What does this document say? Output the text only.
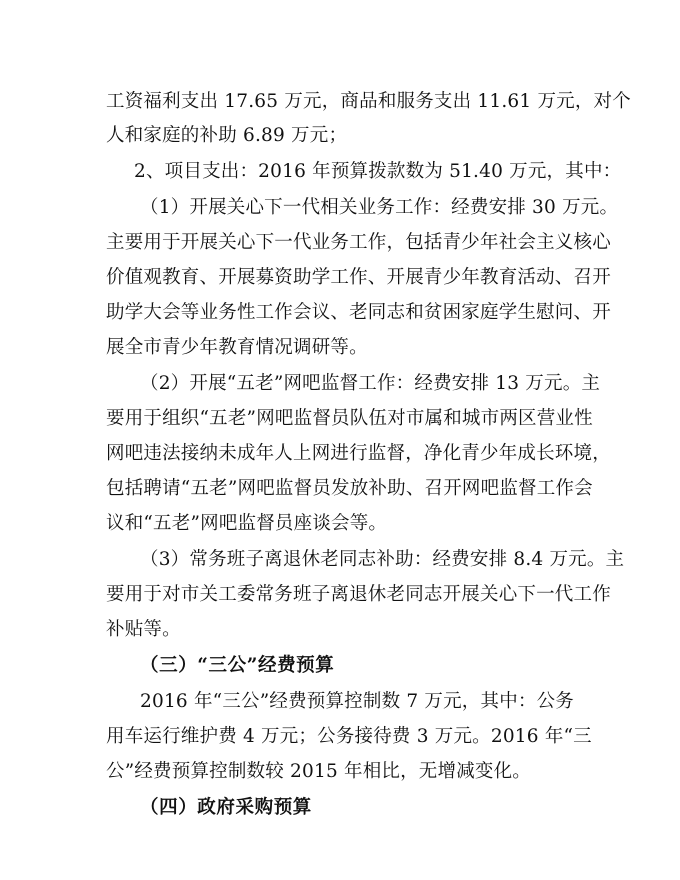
工资福利支出 17.65 万元，商品和服务支出 11.61 万元，对个
人和家庭的补助 6.89 万元；
2、项目支出：2016 年预算拨款数为 51.40 万元，其中：
（1）开展关心下一代相关业务工作：经费安排 30 万元。
主要用于开展关心下一代业务工作，包括青少年社会主义核心
价值观教育、开展募资助学工作、开展青少年教育活动、召开
助学大会等业务性工作会议、老同志和贫困家庭学生慰问、开
展全市青少年教育情况调研等。
（2）开展“五老”网吧监督工作：经费安排 13 万元。主
要用于组织“五老”网吧监督员队伍对市属和城市两区营业性
网吧违法接纳未成年人上网进行监督，净化青少年成长环境，
包括聘请“五老”网吧监督员发放补助、召开网吧监督工作会
议和“五老”网吧监督员座谈会等。
（3）常务班子离退休老同志补助：经费安排 8.4 万元。主
要用于对市关工委常务班子离退休老同志开展关心下一代工作
补贴等。
（三）“三公”经费预算
2016 年“三公”经费预算控制数 7 万元，其中：公务
用车运行维护费 4 万元；公务接待费 3 万元。2016 年“三
公”经费预算控制数较 2015 年相比，无增减变化。
（四）政府采购预算
